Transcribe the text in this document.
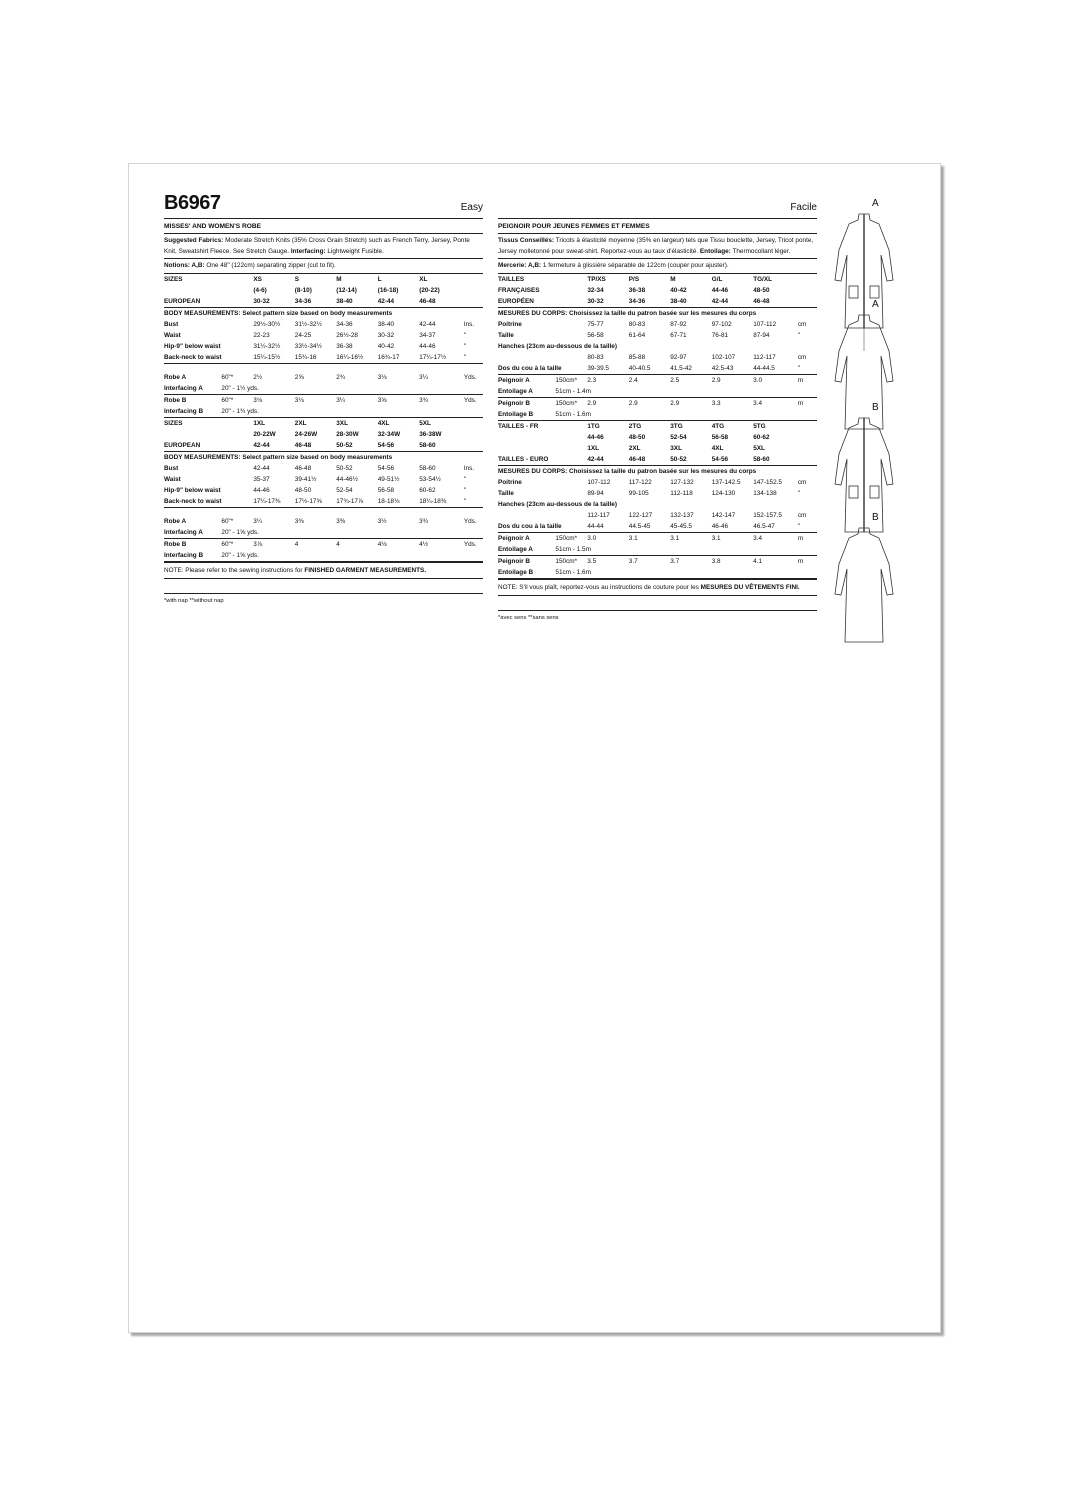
B6967	Easy
MISSES' AND WOMEN'S ROBE
Suggested Fabrics: Moderate Stretch Knits (35% Cross Grain Stretch) such as French Terry, Jersey, Ponte Knit, Sweatshirt Fleece. See Stretch Gauge. Interfacing: Lightweight Fusible.
Notions: A,B: One 48" (122cm) separating zipper (cut to fit).
SIZES	XS	S	M	L	XL	
	(4-6)	(8-10)	(12-14)	(16-18)	(20-22)	
EUROPEAN	30-32	34-36	38-40	42-44	46-48	
BODY MEASUREMENTS: Select pattern size based on body measurements
Bust	29½-30½	31½-32½	34-36	38-40	42-44	Ins.
Waist	22-23	24-25	26½-28	30-32	34-37	"
Hip-9" below waist	31½-32½	33½-34½	36-38	40-42	44-46	"
Back-neck to waist	15¼-15½	15¾-16	16¼-16½	16¾-17	17¼-17½	"
Robe A	60"*	2½	2⅝	2¾	3⅛	3¼	Yds.
Interfacing A	20" - 1½ yds.						
Robe B	60"*	3⅛	3⅛	3¼	3⅝	3¾	Yds.
Interfacing B	20" - 1¾ yds.						
SIZES	1XL	2XL	3XL	4XL	5XL	
	20-22W	24-26W	28-30W	32-34W	36-38W	
EUROPEAN	42-44	46-48	50-52	54-56	58-60	
BODY MEASUREMENTS: Select pattern size based on body measurements
Bust	42-44	46-48	50-52	54-56	58-60	Ins.
Waist	35-37	39-41½	44-46½	49-51½	53-54½	"
Hip-9" below waist	44-46	48-50	52-54	56-58	60-62	"
Back-neck to waist	17¼-17⅜	17½-17⅝	17¾-17⅞	18-18⅛	18¼-18⅜	"
Robe A	60"*	3¼	3⅜	3⅜	3½	3¾	Yds.
Interfacing A	20" - 1⅝ yds.						
Robe B	60"*	3⅞	4	4	4⅛	4½	Yds.
Interfacing B	20" - 1⅝ yds.						
NOTE: Please refer to the sewing instructions for FINISHED GARMENT MEASUREMENTS.
*with nap **without nap
Facile
PEIGNOIR POUR JEUNES FEMMES ET FEMMES
Tissus Conseillés: Tricots à élasticité moyenne (35% en largeur) tels que Tissu bouclette, Jersey, Tricot ponte, Jersey molletonné pour sweat-shirt. Reportez-vous au taux d'élasticité. Entoilage: Thermocollant léger.
Mercerie: A,B: 1 fermeture à glissière séparable de 122cm (couper pour ajuster).
TAILLES	TP/XS	P/S	M	G/L	TG/XL	
FRANÇAISES	32-34	36-38	40-42	44-46	48-50	
EUROPÉEN	30-32	34-36	38-40	42-44	46-48	
MESURES DU CORPS: Choisissez la taille du patron basée sur les mesures du corps
Poitrine	75-77	80-83	87-92	97-102	107-112	cm
Taille	56-58	61-64	67-71	76-81	87-94	"
Hanches (23cm au-dessous de la taille)						
	80-83	85-88	92-97	102-107	112-117	cm
Dos du cou à la taille	39-39.5	40-40.5	41.5-42	42.5-43	44-44.5	"
Peignoir A	150cm*	2.3	2.4	2.5	2.9	3.0	m
Entoilage A	51cm - 1.4m						
Peignoir B	150cm*	2.9	2.9	2.9	3.3	3.4	m
Entoilage B	51cm - 1.6m						
TAILLES - FR	1TG	2TG	3TG	4TG	5TG	
	44-46	48-50	52-54	56-58	60-62	
	1XL	2XL	3XL	4XL	5XL	
TAILLES - EURO	42-44	46-48	50-52	54-56	58-60	
MESURES DU CORPS: Choisissez la taille du patron basée sur les mesures du corps
Poitrine	107-112	117-122	127-132	137-142.5	147-152.5	cm
Taille	89-94	99-105	112-118	124-130	134-138	"
Hanches (23cm au-dessous de la taille)						
	112-117	122-127	132-137	142-147	152-157.5	cm
Dos du cou à la taille	44-44	44.5-45	45-45.5	46-46	46.5-47	"
Peignoir A	150cm*	3.0	3.1	3.1	3.1	3.4	m
Entoilage A	51cm - 1.5m						
Peignoir B	150cm*	3.5	3.7	3.7	3.8	4.1	m
Entoilage B	51cm - 1.6m						
NOTE: S'il vous plaît, reportez-vous au instructions de couture pour les MESURES DU VÊTEMENTS FINI.
*avec sens **sans sens
A
A
B
B
